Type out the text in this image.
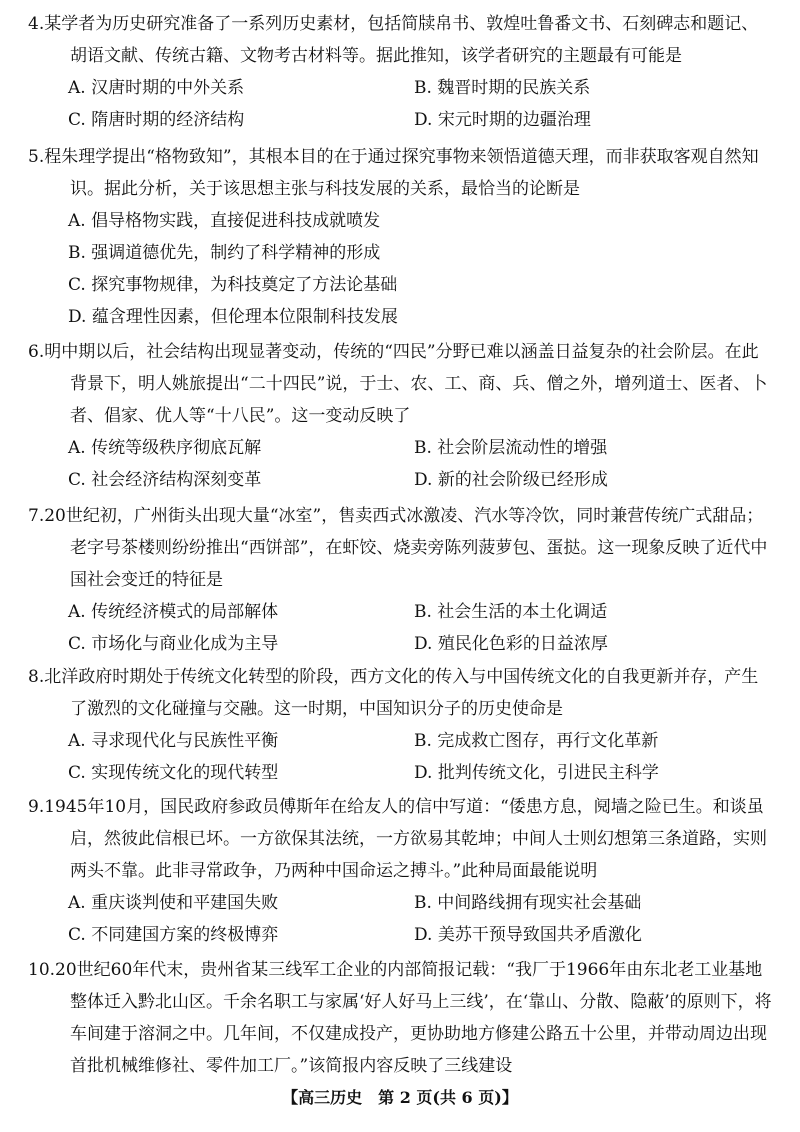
4.某学者为历史研究准备了一系列历史素材，包括简牍帛书、敦煌吐鲁番文书、石刻碑志和题记、胡语文献、传统古籍、文物考古材料等。据此推知，该学者研究的主题最有可能是

A. 汉唐时期的中外关系	B. 魏晋时期的民族关系
C. 隋唐时期的经济结构	D. 宋元时期的边疆治理

5.程朱理学提出“格物致知”，其根本目的在于通过探究事物来领悟道德天理，而非获取客观自然知识。据此分析，关于该思想主张与科技发展的关系，最恰当的论断是

A. 倡导格物实践，直接促进科技成就喷发
B. 强调道德优先，制约了科学精神的形成
C. 探究事物规律，为科技奠定了方法论基础
D. 蕴含理性因素，但伦理本位限制科技发展

6.明中期以后，社会结构出现显著变动，传统的“四民”分野已难以涵盖日益复杂的社会阶层。在此背景下，明人姚旅提出“二十四民”说，于士、农、工、商、兵、僧之外，增列道士、医者、卜者、倡家、优人等“十八民”。这一变动反映了

A. 传统等级秩序彻底瓦解	B. 社会阶层流动性的增强
C. 社会经济结构深刻变革	D. 新的社会阶级已经形成

7.20世纪初，广州街头出现大量“冰室”，售卖西式冰激凌、汽水等冷饮，同时兼营传统广式甜品；老字号茶楼则纷纷推出“西饼部”，在虾饺、烧卖旁陈列菠萝包、蛋挞。这一现象反映了近代中国社会变迁的特征是

A. 传统经济模式的局部解体	B. 社会生活的本土化调适
C. 市场化与商业化成为主导	D. 殖民化色彩的日益浓厚

8.北洋政府时期处于传统文化转型的阶段，西方文化的传入与中国传统文化的自我更新并存，产生了激烈的文化碰撞与交融。这一时期，中国知识分子的历史使命是

A. 寻求现代化与民族性平衡	B. 完成救亡图存，再行文化革新
C. 实现传统文化的现代转型	D. 批判传统文化，引进民主科学

9.1945年10月，国民政府参政员傅斯年在给友人的信中写道：“倭患方息，阋墙之险已生。和谈虽启，然彼此信根已坏。一方欲保其法统，一方欲易其乾坤；中间人士则幻想第三条道路，实则两头不靠。此非寻常政争，乃两种中国命运之搏斗。”此种局面最能说明

A. 重庆谈判使和平建国失败	B. 中间路线拥有现实社会基础
C. 不同建国方案的终极博弈	D. 美苏干预导致国共矛盾激化

10.20世纪60年代末，贵州省某三线军工企业的内部简报记载：“我厂于1966年由东北老工业基地整体迁入黔北山区。千余名职工与家属‘好人好马上三线’，在‘靠山、分散、隐蔽’的原则下，将车间建于溶洞之中。几年间，不仅建成投产，更协助地方修建公路五十公里，并带动周边出现首批机械维修社、零件加工厂。”该简报内容反映了三线建设

【高三历史　第 2 页(共 6 页)】
